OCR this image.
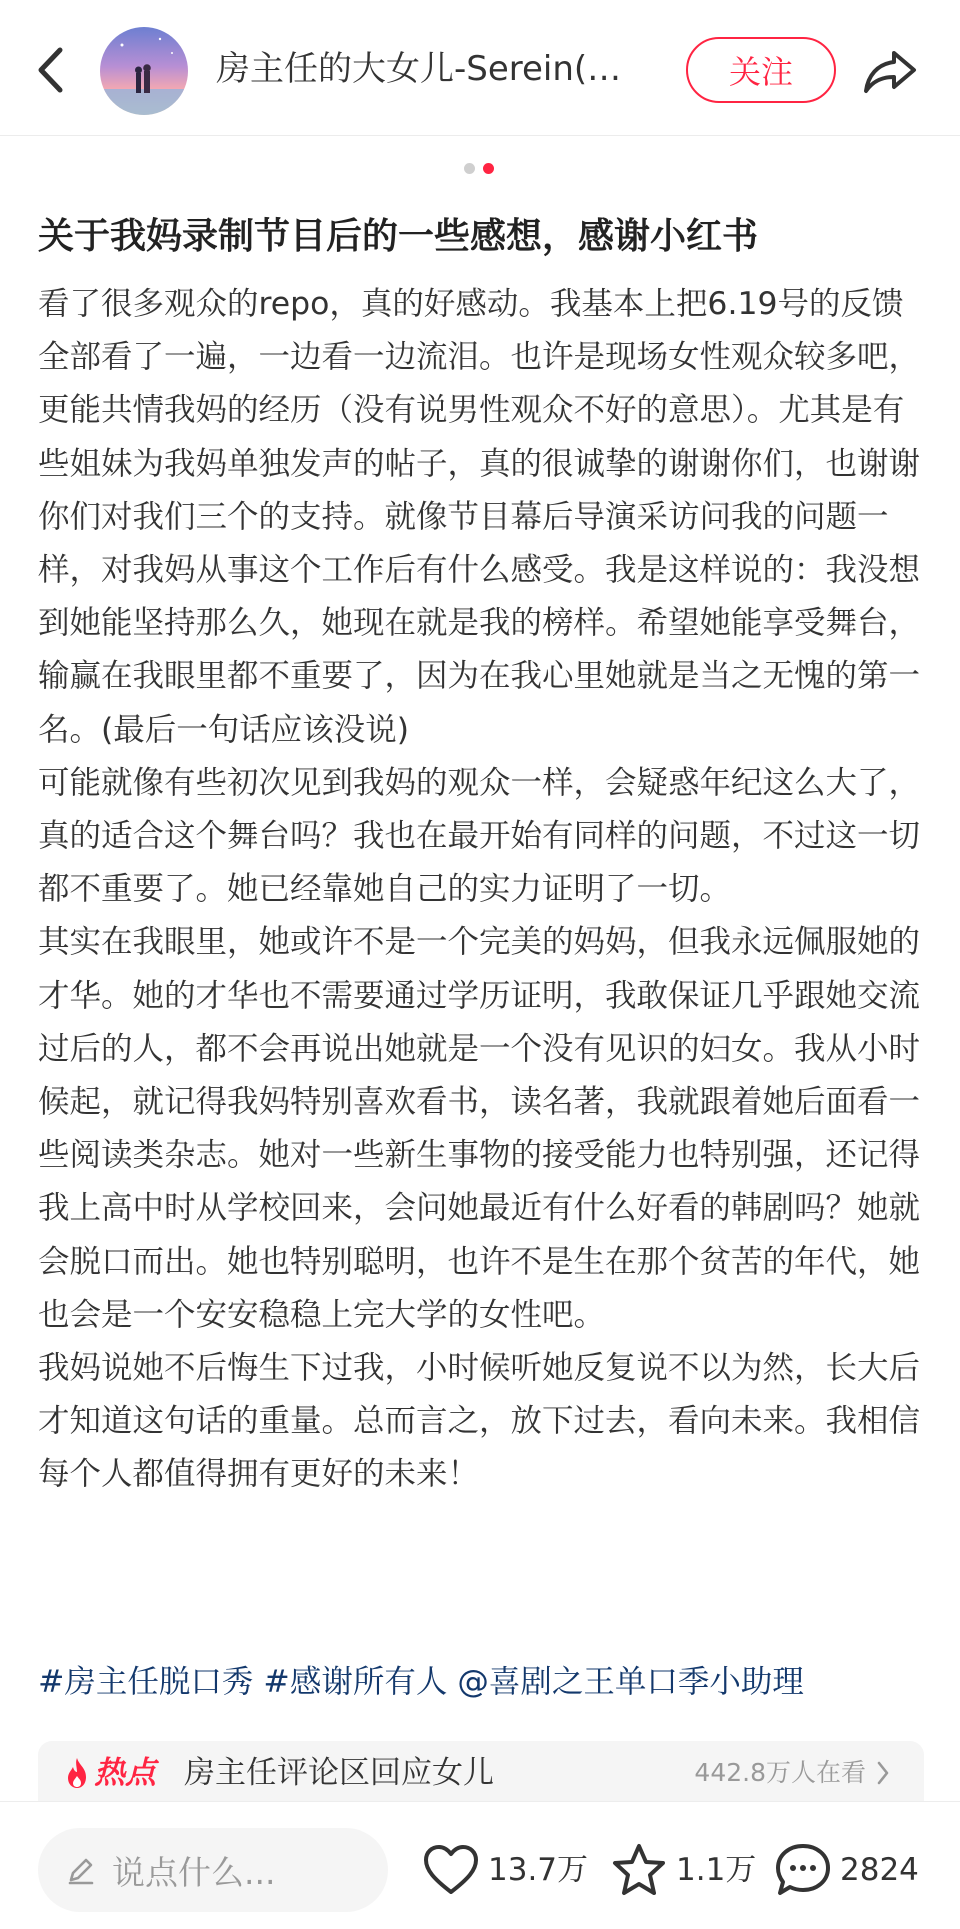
房主任的大女儿-Serein(…	关注
关于我妈录制节目后的一些感想，感谢小红书

看了很多观众的repo，真的好感动。我基本上把6.19号的反馈全部看了一遍，一边看一边流泪。也许是现场女性观众较多吧，更能共情我妈的经历（没有说男性观众不好的意思）。尤其是有些姐妹为我妈单独发声的帖子，真的很诚挚的谢谢你们，也谢谢你们对我们三个的支持。就像节目幕后导演采访问我的问题一样，对我妈从事这个工作后有什么感受。我是这样说的：我没想到她能坚持那么久，她现在就是我的榜样。希望她能享受舞台，输赢在我眼里都不重要了，因为在我心里她就是当之无愧的第一名。(最后一句话应该没说)

可能就像有些初次见到我妈的观众一样，会疑惑年纪这么大了，真的适合这个舞台吗？我也在最开始有同样的问题，不过这一切都不重要了。她已经靠她自己的实力证明了一切。

其实在我眼里，她或许不是一个完美的妈妈，但我永远佩服她的才华。她的才华也不需要通过学历证明，我敢保证几乎跟她交流过后的人，都不会再说出她就是一个没有见识的妇女。我从小时候起，就记得我妈特别喜欢看书，读名著，我就跟着她后面看一些阅读类杂志。她对一些新生事物的接受能力也特别强，还记得我上高中时从学校回来，会问她最近有什么好看的韩剧吗？她就会脱口而出。她也特别聪明，也许不是生在那个贫苦的年代，她也会是一个安安稳稳上完大学的女性吧。

我妈说她不后悔生下过我，小时候听她反复说不以为然，长大后才知道这句话的重量。总而言之，放下过去，看向未来。我相信每个人都值得拥有更好的未来！

#房主任脱口秀 #感谢所有人 @喜剧之王单口季小助理
热点 房主任评论区回应女儿	442.8万人在看
说点什么...	13.7万	1.1万	2824
